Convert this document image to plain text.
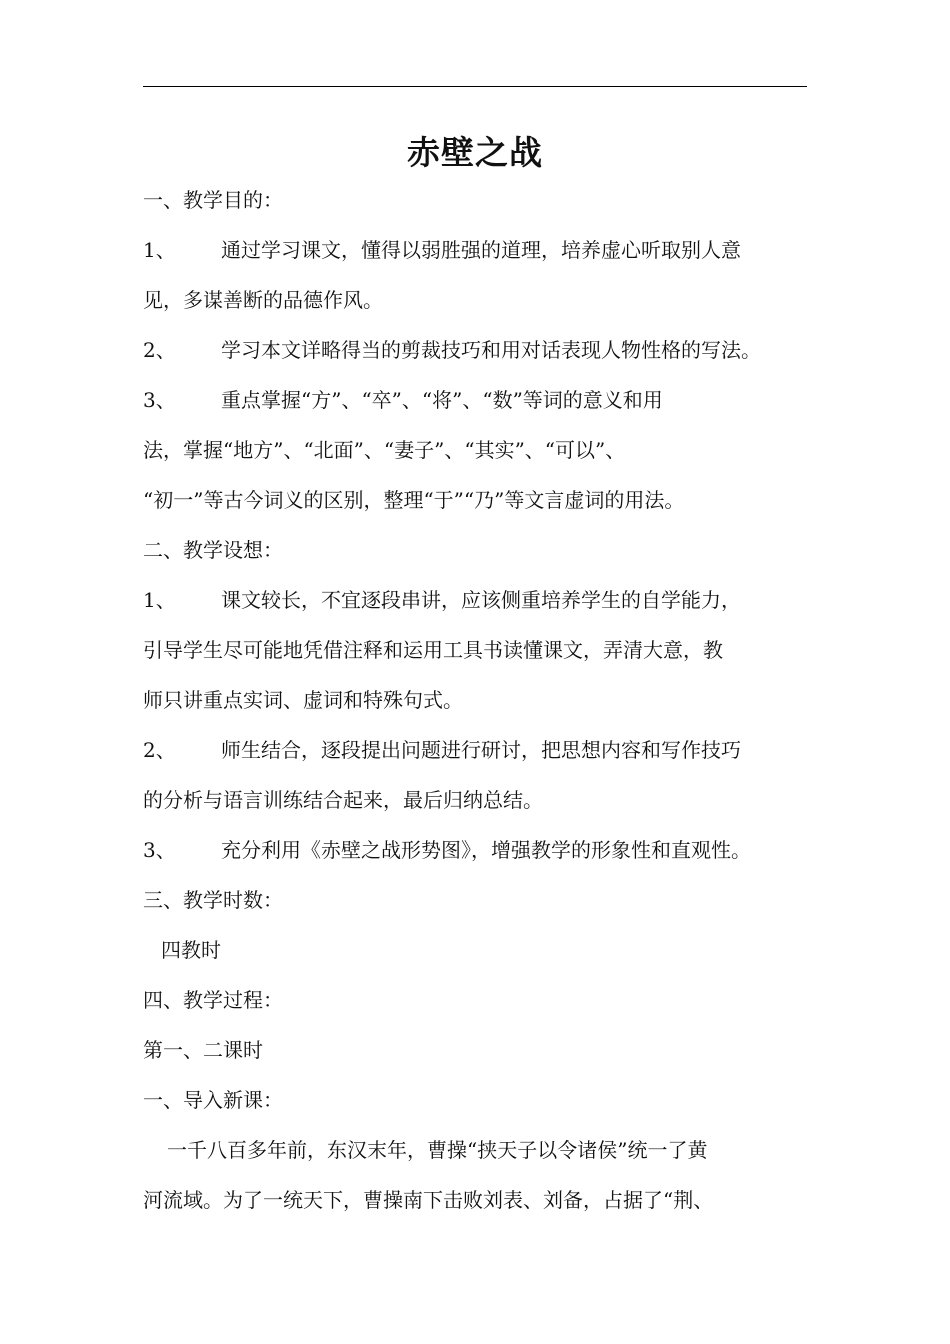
赤壁之战
一、教学目的：
1、 通过学习课文，懂得以弱胜强的道理，培养虚心听取别人意
见，多谋善断的品德作风。
2、 学习本文详略得当的剪裁技巧和用对话表现人物性格的写法。
3、 重点掌握“方”、“卒”、“将”、“数”等词的意义和用
法，掌握“地方”、“北面”、“妻子”、“其实”、“可以”、
“初一”等古今词义的区别，整理“于”“乃”等文言虚词的用法。
二、教学设想：
1、 课文较长，不宜逐段串讲，应该侧重培养学生的自学能力，
引导学生尽可能地凭借注释和运用工具书读懂课文，弄清大意，教
师只讲重点实词、虚词和特殊句式。
2、 师生结合，逐段提出问题进行研讨，把思想内容和写作技巧
的分析与语言训练结合起来，最后归纳总结。
3、 充分利用《赤壁之战形势图》，增强教学的形象性和直观性。
三、教学时数：
四教时
四、教学过程：
第一、二课时
一、导入新课：
一千八百多年前，东汉末年，曹操“挟天子以令诸侯”统一了黄
河流域。为了一统天下，曹操南下击败刘表、刘备，占据了“荆、
